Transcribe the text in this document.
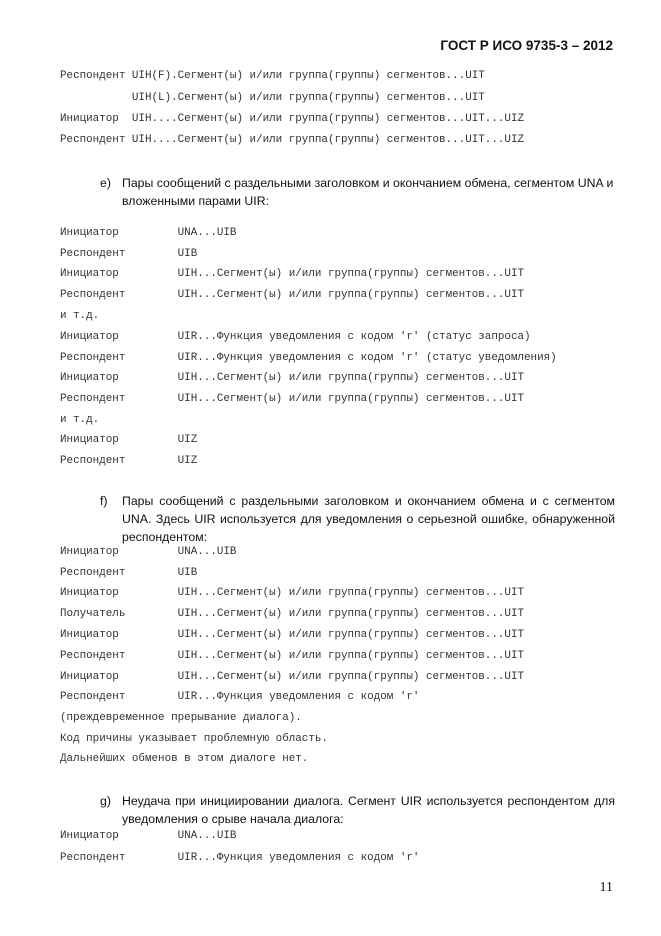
ГОСТ Р ИСО 9735-3 – 2012
Респондент UIH(F).Сегмент(ы) и/или группа(группы) сегментов...UIT
UIH(L).Сегмент(ы) и/или группа(группы) сегментов...UIT
Инициатор  UIH....Сегмент(ы) и/или группа(группы) сегментов...UIT...UIZ
Респондент UIH....Сегмент(ы) и/или группа(группы) сегментов...UIT...UIZ
е) Пары сообщений с раздельными заголовком и окончанием обмена, сегментом UNA и вложенными парами UIR:
Инициатор         UNA...UIB
Респондент        UIB
Инициатор         UIH...Сегмент(ы) и/или группа(группы) сегментов...UIT
Респондент        UIH...Сегмент(ы) и/или группа(группы) сегментов...UIT
и т.д.
Инициатор         UIR...Функция уведомления с кодом 'r' (статус запроса)
Респондент        UIR...Функция уведомления с кодом 'r' (статус уведомления)
Инициатор         UIH...Сегмент(ы) и/или группа(группы) сегментов...UIT
Респондент        UIH...Сегмент(ы) и/или группа(группы) сегментов...UIT
и т.д.
Инициатор         UIZ
Респондент        UIZ
f) Пары сообщений с раздельными заголовком и окончанием обмена и с сегментом UNA. Здесь UIR используется для уведомления о серьезной ошибке, обнаруженной респондентом:
Инициатор         UNA...UIB
Респондент        UIB
Инициатор         UIH...Сегмент(ы) и/или группа(группы) сегментов...UIT
Получатель        UIH...Сегмент(ы) и/или группа(группы) сегментов...UIT
Инициатор         UIH...Сегмент(ы) и/или группа(группы) сегментов...UIT
Респондент        UIH...Сегмент(ы) и/или группа(группы) сегментов...UIT
Инициатор         UIH...Сегмент(ы) и/или группа(группы) сегментов...UIT
Респондент        UIR...Функция уведомления с кодом 'r'
(преждевременное прерывание диалога).
Код причины указывает проблемную область.
Дальнейших обменов в этом диалоге нет.
g) Неудача при инициировании диалога. Сегмент UIR используется респондентом для уведомления о срыве начала диалога:
Инициатор         UNA...UIB
Респондент        UIR...Функция уведомления с кодом 'r'
11
